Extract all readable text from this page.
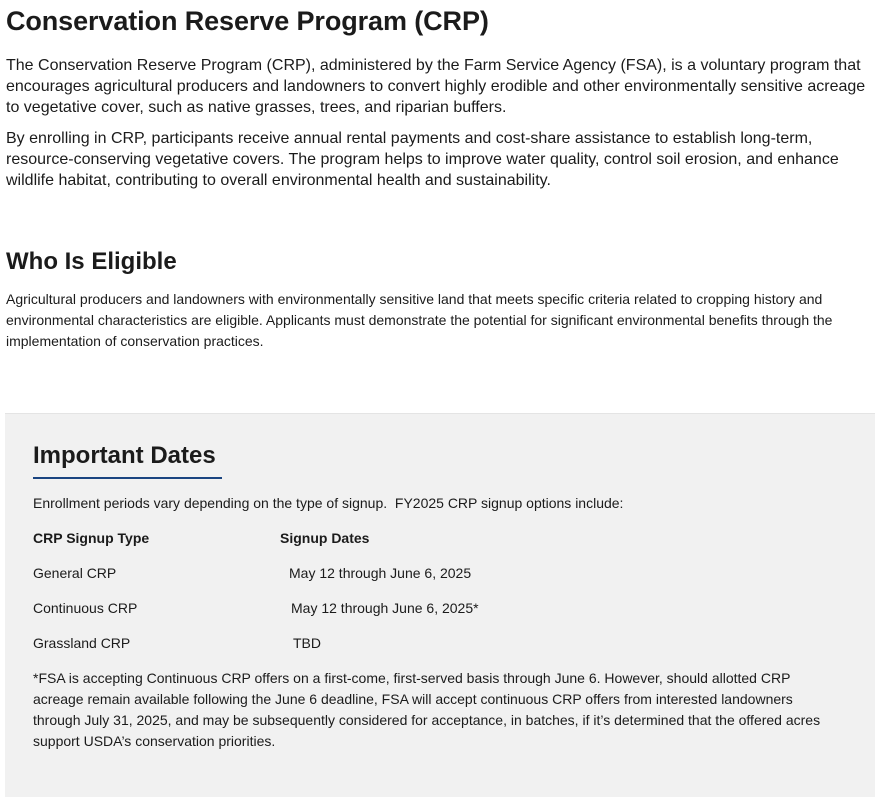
Conservation Reserve Program (CRP)

The Conservation Reserve Program (CRP), administered by the Farm Service Agency (FSA), is a voluntary program that encourages agricultural producers and landowners to convert highly erodible and other environmentally sensitive acreage to vegetative cover, such as native grasses, trees, and riparian buffers.

By enrolling in CRP, participants receive annual rental payments and cost-share assistance to establish long-term, resource-conserving vegetative covers. The program helps to improve water quality, control soil erosion, and enhance wildlife habitat, contributing to overall environmental health and sustainability.

Who Is Eligible

Agricultural producers and landowners with environmentally sensitive land that meets specific criteria related to cropping history and environmental characteristics are eligible. Applicants must demonstrate the potential for significant environmental benefits through the implementation of conservation practices.

Important Dates

Enrollment periods vary depending on the type of signup.  FY2025 CRP signup options include:

CRP Signup Type	Signup Dates
General CRP	May 12 through June 6, 2025
Continuous CRP	May 12 through June 6, 2025*
Grassland CRP	TBD

*FSA is accepting Continuous CRP offers on a first-come, first-served basis through June 6. However, should allotted CRP acreage remain available following the June 6 deadline, FSA will accept continuous CRP offers from interested landowners through July 31, 2025, and may be subsequently considered for acceptance, in batches, if it’s determined that the offered acres support USDA’s conservation priorities.
